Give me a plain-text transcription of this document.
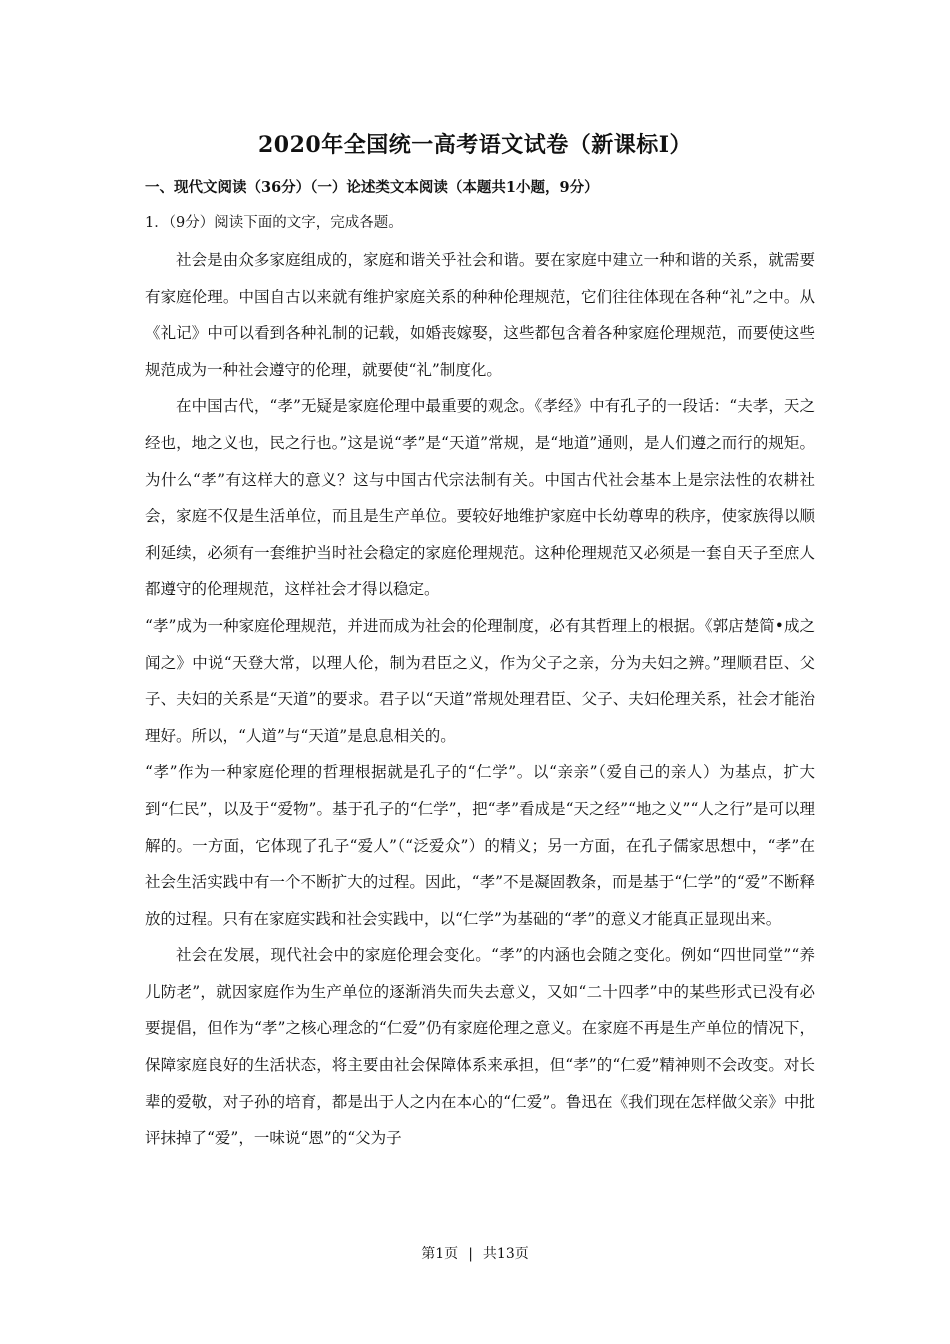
2020年全国统一高考语文试卷（新课标Ⅰ）
一、现代文阅读（36分）（一）论述类文本阅读（本题共1小题，9分）
1．（9分）阅读下面的文字，完成各题。

社会是由众多家庭组成的，家庭和谐关乎社会和谐。要在家庭中建立一种和谐的关系，就需要有家庭伦理。中国自古以来就有维护家庭关系的种种伦理规范，它们往往体现在各种“礼”之中。从《礼记》中可以看到各种礼制的记载，如婚丧嫁娶，这些都包含着各种家庭伦理规范，而要使这些规范成为一种社会遵守的伦理，就要使“礼”制度化。

在中国古代，“孝”无疑是家庭伦理中最重要的观念。《孝经》中有孔子的一段话：“夫孝，天之经也，地之义也，民之行也。”这是说“孝”是“天道”常规，是“地道”通则，是人们遵之而行的规矩。为什么“孝”有这样大的意义？这与中国古代宗法制有关。中国古代社会基本上是宗法性的农耕社会，家庭不仅是生活单位，而且是生产单位。要较好地维护家庭中长幼尊卑的秩序，使家族得以顺利延续，必须有一套维护当时社会稳定的家庭伦理规范。这种伦理规范又必须是一套自天子至庶人都遵守的伦理规范，这样社会才得以稳定。

“孝”成为一种家庭伦理规范，并进而成为社会的伦理制度，必有其哲理上的根据。《郭店楚简•成之闻之》中说“天登大常，以理人伦，制为君臣之义，作为父子之亲，分为夫妇之辨。”理顺君臣、父子、夫妇的关系是“天道”的要求。君子以“天道”常规处理君臣、父子、夫妇伦理关系，社会才能治理好。所以，“人道”与“天道”是息息相关的。

“孝”作为一种家庭伦理的哲理根据就是孔子的“仁学”。以“亲亲”（爱自己的亲人）为基点，扩大到“仁民”，以及于“爱物”。基于孔子的“仁学”，把“孝”看成是“天之经”“地之义”“人之行”是可以理解的。一方面，它体现了孔子“爱人”（“泛爱众”）的精义；另一方面，在孔子儒家思想中，“孝”在社会生活实践中有一个不断扩大的过程。因此，“孝”不是凝固教条，而是基于“仁学”的“爱”不断释放的过程。只有在家庭实践和社会实践中，以“仁学”为基础的“孝”的意义才能真正显现出来。

社会在发展，现代社会中的家庭伦理会变化。“孝”的内涵也会随之变化。例如“四世同堂”“养儿防老”，就因家庭作为生产单位的逐渐消失而失去意义，又如“二十四孝”中的某些形式已没有必要提倡，但作为“孝”之核心理念的“仁爱”仍有家庭伦理之意义。在家庭不再是生产单位的情况下，保障家庭良好的生活状态，将主要由社会保障体系来承担，但“孝”的“仁爱”精神则不会改变。对长辈的爱敬，对子孙的培育，都是出于人之内在本心的“仁爱”。鲁迅在《我们现在怎样做父亲》中批评抹掉了“爱”，一味说“恩”的“父为子

第1页 | 共13页
